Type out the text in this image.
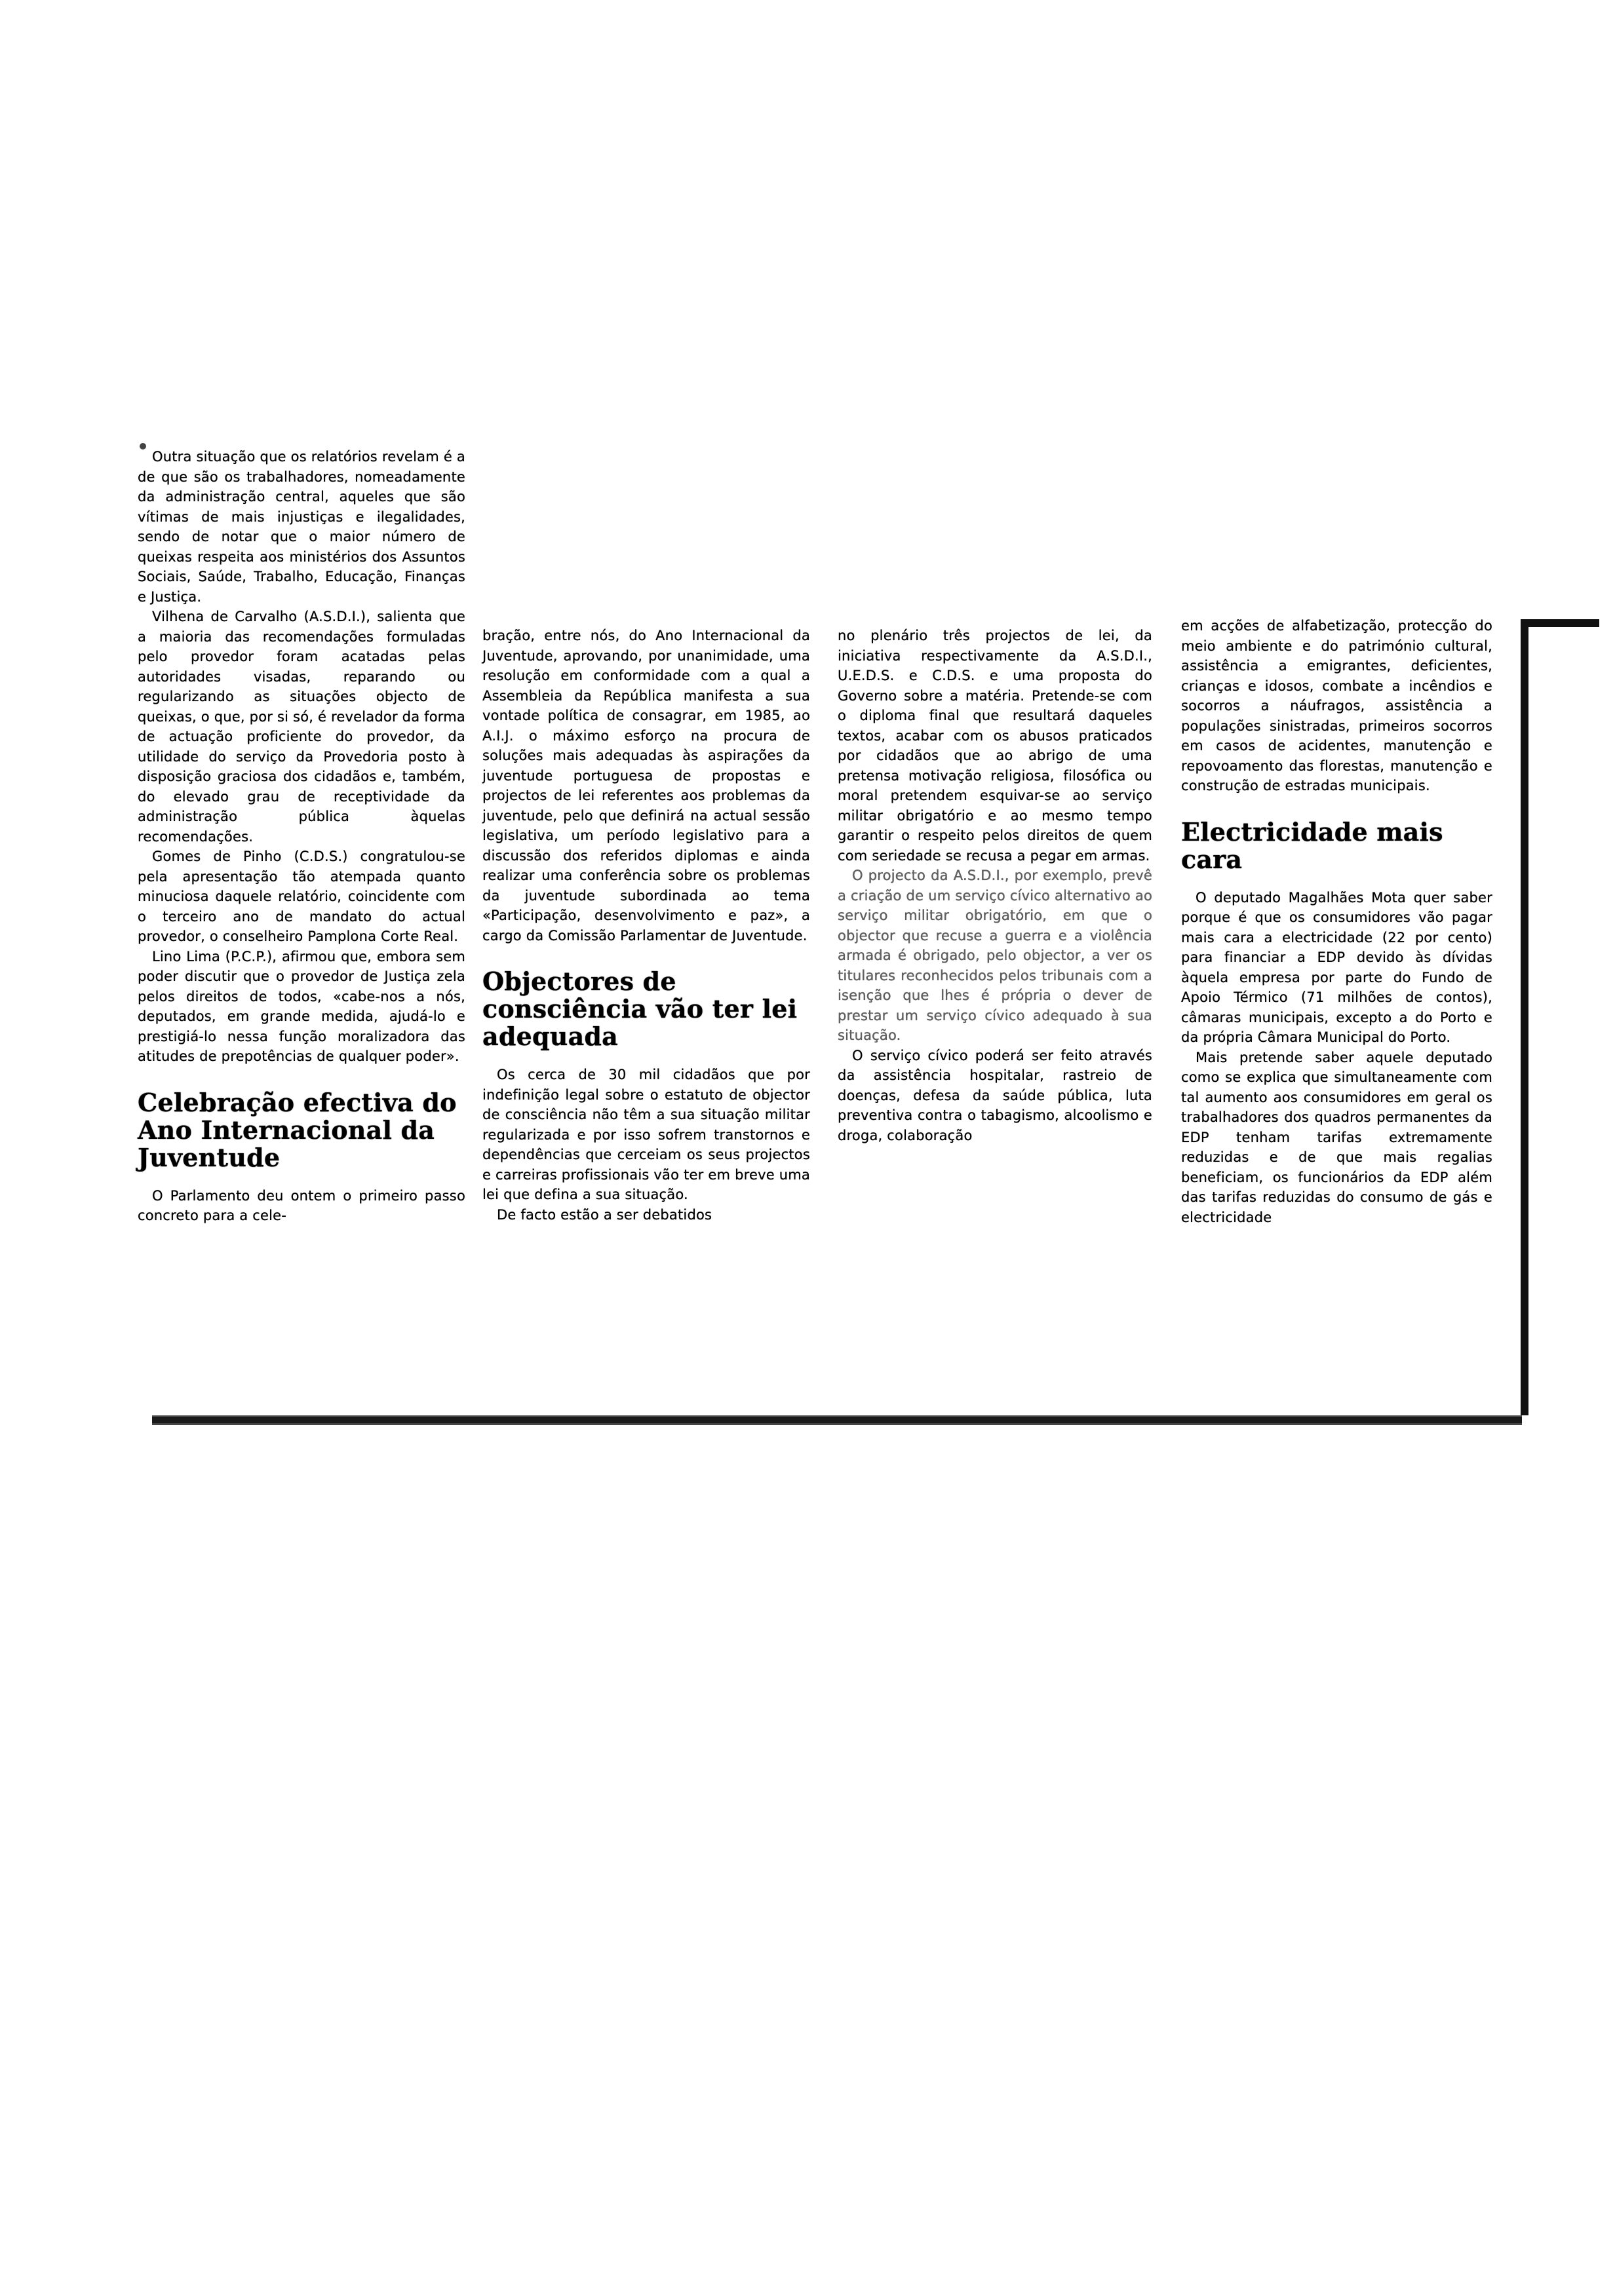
Outra situação que os relatórios revelam é a de que são os trabalhadores, nomeadamente da administração central, aqueles que são vítimas de mais injustiças e ilegalidades, sendo de notar que o maior número de queixas respeita aos ministérios dos Assuntos Sociais, Saúde, Trabalho, Educação, Finanças e Justiça.

Vilhena de Carvalho (A.S.D.I.), salienta que a maioria das recomendações formuladas pelo provedor foram acatadas pelas autoridades visadas, reparando ou regularizando as situações objecto de queixas, o que, por si só, é revelador da forma de actuação proficiente do provedor, da utilidade do serviço da Provedoria posto à disposição graciosa dos cidadãos e, também, do elevado grau de receptividade da administração pública àquelas recomendações.

Gomes de Pinho (C.D.S.) congratulou-se pela apresentação tão atempada quanto minuciosa daquele relatório, coincidente com o terceiro ano de mandato do actual provedor, o conselheiro Pamplona Corte Real.

Lino Lima (P.C.P.), afirmou que, embora sem poder discutir que o provedor de Justiça zela pelos direitos de todos, «cabe-nos a nós, deputados, em grande medida, ajudá-lo e prestigiá-lo nessa função moralizadora das atitudes de prepotências de qualquer poder».

Celebração efectiva do Ano Internacional da Juventude

O Parlamento deu ontem o primeiro passo concreto para a cele-

bração, entre nós, do Ano Internacional da Juventude, aprovando, por unanimidade, uma resolução em conformidade com a qual a Assembleia da República manifesta a sua vontade política de consagrar, em 1985, ao A.I.J. o máximo esforço na procura de soluções mais adequadas às aspirações da juventude portuguesa de propostas e projectos de lei referentes aos problemas da juventude, pelo que definirá na actual sessão legislativa, um período legislativo para a discussão dos referidos diplomas e ainda realizar uma conferência sobre os problemas da juventude subordinada ao tema «Participação, desenvolvimento e paz», a cargo da Comissão Parlamentar de Juventude.

Objectores de consciência vão ter lei adequada

Os cerca de 30 mil cidadãos que por indefinição legal sobre o estatuto de objector de consciência não têm a sua situação militar regularizada e por isso sofrem transtornos e dependências que cerceiam os seus projectos e carreiras profissionais vão ter em breve uma lei que defina a sua situação.

De facto estão a ser debatidos

no plenário três projectos de lei, da iniciativa respectivamente da A.S.D.I., U.E.D.S. e C.D.S. e uma proposta do Governo sobre a matéria. Pretende-se com o diploma final que resultará daqueles textos, acabar com os abusos praticados por cidadãos que ao abrigo de uma pretensa motivação religiosa, filosófica ou moral pretendem esquivar-se ao serviço militar obrigatório e ao mesmo tempo garantir o respeito pelos direitos de quem com seriedade se recusa a pegar em armas.

O projecto da A.S.D.I., por exemplo, prevê a criação de um serviço cívico alternativo ao serviço militar obrigatório, em que o objector que recuse a guerra e a violência armada é obrigado, pelo objector, a ver os titulares reconhecidos pelos tribunais com a isenção que lhes é própria o dever de prestar um serviço cívico adequado à sua situação.

O serviço cívico poderá ser feito através da assistência hospitalar, rastreio de doenças, defesa da saúde pública, luta preventiva contra o tabagismo, alcoolismo e droga, colaboração

em acções de alfabetização, protecção do meio ambiente e do património cultural, assistência a emigrantes, deficientes, crianças e idosos, combate a incêndios e socorros a náufragos, assistência a populações sinistradas, primeiros socorros em casos de acidentes, manutenção e repovoamento das florestas, manutenção e construção de estradas municipais.

Electricidade mais cara

O deputado Magalhães Mota quer saber porque é que os consumidores vão pagar mais cara a electricidade (22 por cento) para financiar a EDP devido às dívidas àquela empresa por parte do Fundo de Apoio Térmico (71 milhões de contos), câmaras municipais, excepto a do Porto e da própria Câmara Municipal do Porto.

Mais pretende saber aquele deputado como se explica que simultaneamente com tal aumento aos consumidores em geral os trabalhadores dos quadros permanentes da EDP tenham tarifas extremamente reduzidas e de que mais regalias beneficiam, os funcionários da EDP além das tarifas reduzidas do consumo de gás e electricidade
